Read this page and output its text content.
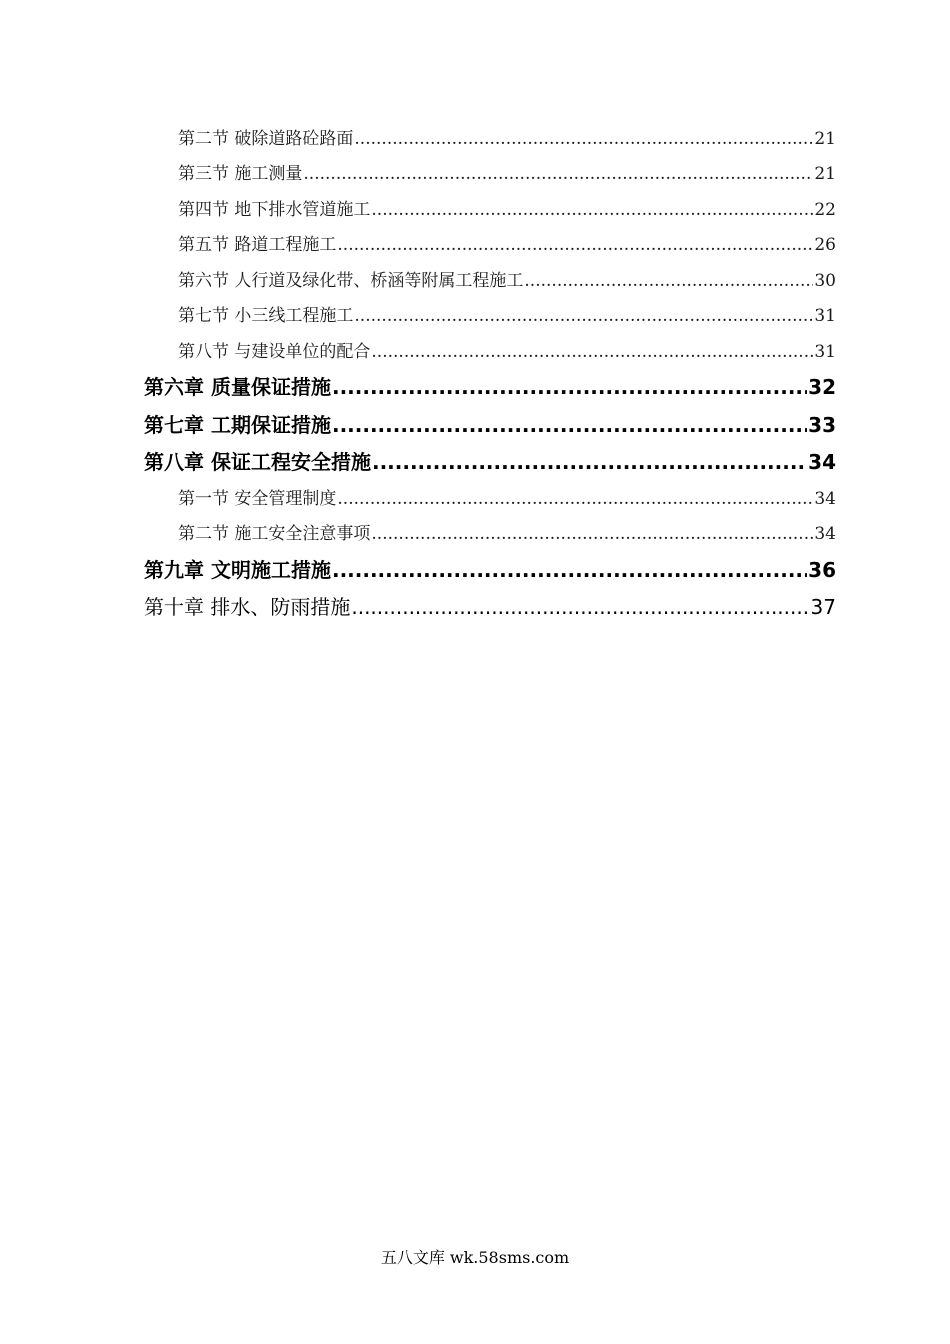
第二节 破除道路砼路面 .....	21
第三节 施工测量 .....	21
第四节 地下排水管道施工 .....	22
第五节 路道工程施工 .....	26
第六节 人行道及绿化带、桥涵等附属工程施工 .....	30
第七节 小三线工程施工 .....	31
第八节 与建设单位的配合 .....	31
第六章 质量保证措施 .....	32
第七章 工期保证措施 .....	33
第八章 保证工程安全措施 .....	34
第一节 安全管理制度 .....	34
第二节 施工安全注意事项 .....	34
第九章 文明施工措施 .....	36
第十章 排水、防雨措施 .....	37
五八文库 wk.58sms.com
